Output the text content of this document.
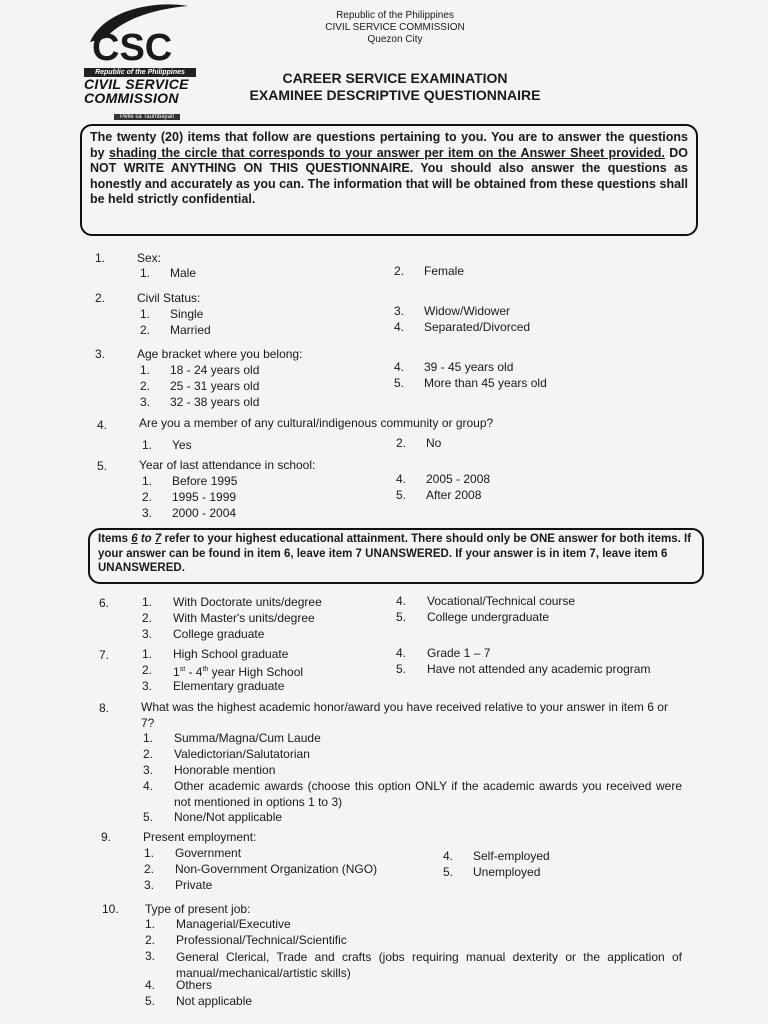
CSC
Republic of the Philippines
CIVIL SERVICE
COMMISSION
Pefie sa Taumbayan
Republic of the Philippines
CIVIL SERVICE COMMISSION
Quezon City
CAREER SERVICE EXAMINATION
EXAMINEE DESCRIPTIVE QUESTIONNAIRE
The twenty (20) items that follow are questions pertaining to you. You are to answer the questions by shading the circle that corresponds to your answer per item on the Answer Sheet provided. DO NOT WRITE ANYTHING ON THIS QUESTIONNAIRE. You should also answer the questions as honestly and accurately as you can. The information that will be obtained from these questions shall be held strictly confidential.
1.	Sex:
1. Male	2. Female
2.	Civil Status:
1. Single
2. Married
3. Widow/Widower
4. Separated/Divorced
3.	Age bracket where you belong:
1. 18 - 24 years old
2. 25 - 31 years old
3. 32 - 38 years old
4. 39 - 45 years old
5. More than 45 years old
4.	Are you a member of any cultural/indigenous community or group?
1. Yes	2. No
5.	Year of last attendance in school:
1. Before 1995
2. 1995 - 1999
3. 2000 - 2004
4. 2005 - 2008
5. After 2008
Items 6 to 7 refer to your highest educational attainment. There should only be ONE answer for both items. If your answer can be found in item 6, leave item 7 UNANSWERED. If your answer is in item 7, leave item 6 UNANSWERED.
6.	1. With Doctorate units/degree
2. With Master's units/degree
3. College graduate
4. Vocational/Technical course
5. College undergraduate
7.	1. High School graduate
2. 1st - 4th year High School
3. Elementary graduate
4. Grade 1 – 7
5. Have not attended any academic program
8.	What was the highest academic honor/award you have received relative to your answer in item 6 or 7?
1. Summa/Magna/Cum Laude
2. Valedictorian/Salutatorian
3. Honorable mention
4. Other academic awards (choose this option ONLY if the academic awards you received were not mentioned in options 1 to 3)
5. None/Not applicable
9.	Present employment:
1. Government
2. Non-Government Organization (NGO)
3. Private
4. Self-employed
5. Unemployed
10. Type of present job:
1. Managerial/Executive
2. Professional/Technical/Scientific
3. General Clerical, Trade and crafts (jobs requiring manual dexterity or the application of manual/mechanical/artistic skills)
4. Others
5. Not applicable
